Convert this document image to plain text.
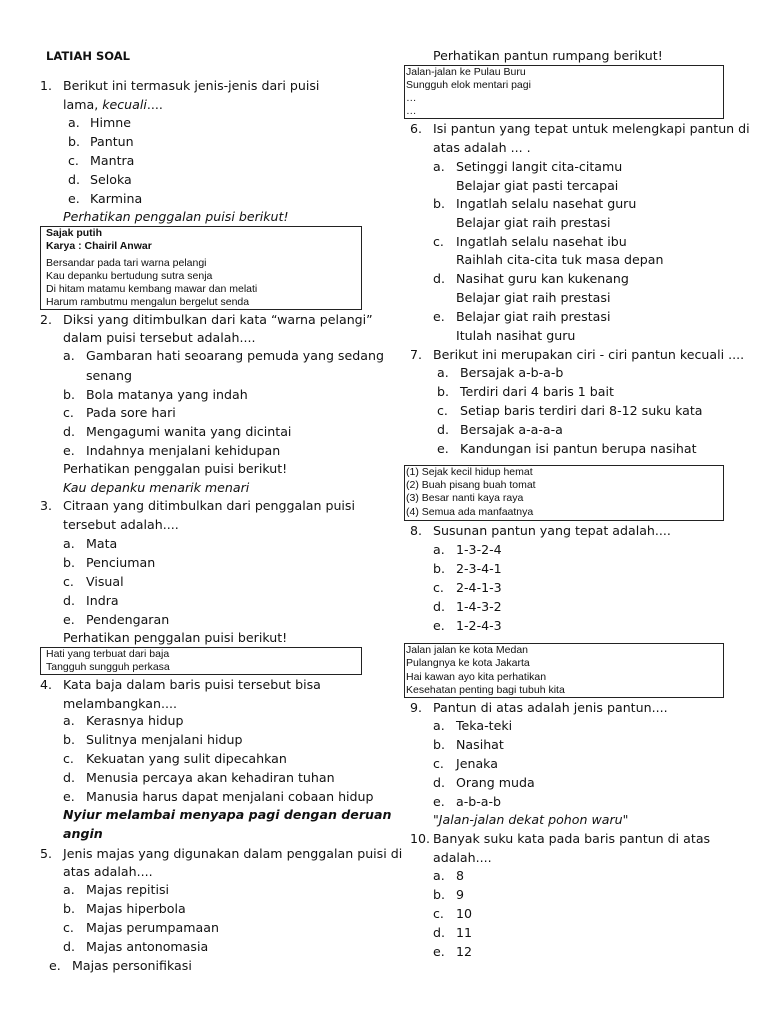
LATIAH SOAL
1. Berikut ini termasuk jenis-jenis dari puisi
lama, kecuali....
a. Himne
b. Pantun
c. Mantra
d. Seloka
e. Karmina
Perhatikan penggalan puisi berikut!
Sajak putih
Karya : Chairil Anwar
Bersandar pada tari warna pelangi
Kau depanku bertudung sutra senja
Di hitam matamu kembang mawar dan melati
Harum rambutmu mengalun bergelut senda
2. Diksi yang ditimbulkan dari kata “warna pelangi”
dalam puisi tersebut adalah....
a. Gambaran hati seoarang pemuda yang sedang
senang
b. Bola matanya yang indah
c. Pada sore hari
d. Mengagumi wanita yang dicintai
e. Indahnya menjalani kehidupan
Perhatikan penggalan puisi berikut!
Kau depanku menarik menari
3. Citraan yang ditimbulkan dari penggalan puisi
tersebut adalah....
a. Mata
b. Penciuman
c. Visual
d. Indra
e. Pendengaran
Perhatikan penggalan puisi berikut!
Hati yang terbuat dari baja
Tangguh sungguh perkasa
4. Kata baja dalam baris puisi tersebut bisa
melambangkan....
a. Kerasnya hidup
b. Sulitnya menjalani hidup
c. Kekuatan yang sulit dipecahkan
d. Menusia percaya akan kehadiran tuhan
e. Manusia harus dapat menjalani cobaan hidup
Nyiur melambai menyapa pagi dengan deruan
angin
5. Jenis majas yang digunakan dalam penggalan puisi di
atas adalah....
a. Majas repitisi
b. Majas hiperbola
c. Majas perumpamaan
d. Majas antonomasia
e. Majas personifikasi
Perhatikan pantun rumpang berikut!
Jalan-jalan ke Pulau Buru
Sungguh elok mentari pagi
…
…
6. Isi pantun yang tepat untuk melengkapi pantun di
atas adalah ... .
a. Setinggi langit cita-citamu
Belajar giat pasti tercapai
b. Ingatlah selalu nasehat guru
Belajar giat raih prestasi
c. Ingatlah selalu nasehat ibu
Raihlah cita-cita tuk masa depan
d. Nasihat guru kan kukenang
Belajar giat raih prestasi
e. Belajar giat raih prestasi
Itulah nasihat guru
7. Berikut ini merupakan ciri - ciri pantun kecuali ....
a. Bersajak a-b-a-b
b. Terdiri dari 4 baris 1 bait
c. Setiap baris terdiri dari 8-12 suku kata
d. Bersajak a-a-a-a
e. Kandungan isi pantun berupa nasihat
(1) Sejak kecil hidup hemat
(2) Buah pisang buah tomat
(3) Besar nanti kaya raya
(4) Semua ada manfaatnya
8. Susunan pantun yang tepat adalah....
a. 1-3-2-4
b. 2-3-4-1
c. 2-4-1-3
d. 1-4-3-2
e. 1-2-4-3
Jalan jalan ke kota Medan
Pulangnya ke kota Jakarta
Hai kawan ayo kita perhatikan
Kesehatan penting bagi tubuh kita
9. Pantun di atas adalah jenis pantun....
a. Teka-teki
b. Nasihat
c. Jenaka
d. Orang muda
e. a-b-a-b
"Jalan-jalan dekat pohon waru"
10. Banyak suku kata pada baris pantun di atas
adalah....
a. 8
b. 9
c. 10
d. 11
e. 12
